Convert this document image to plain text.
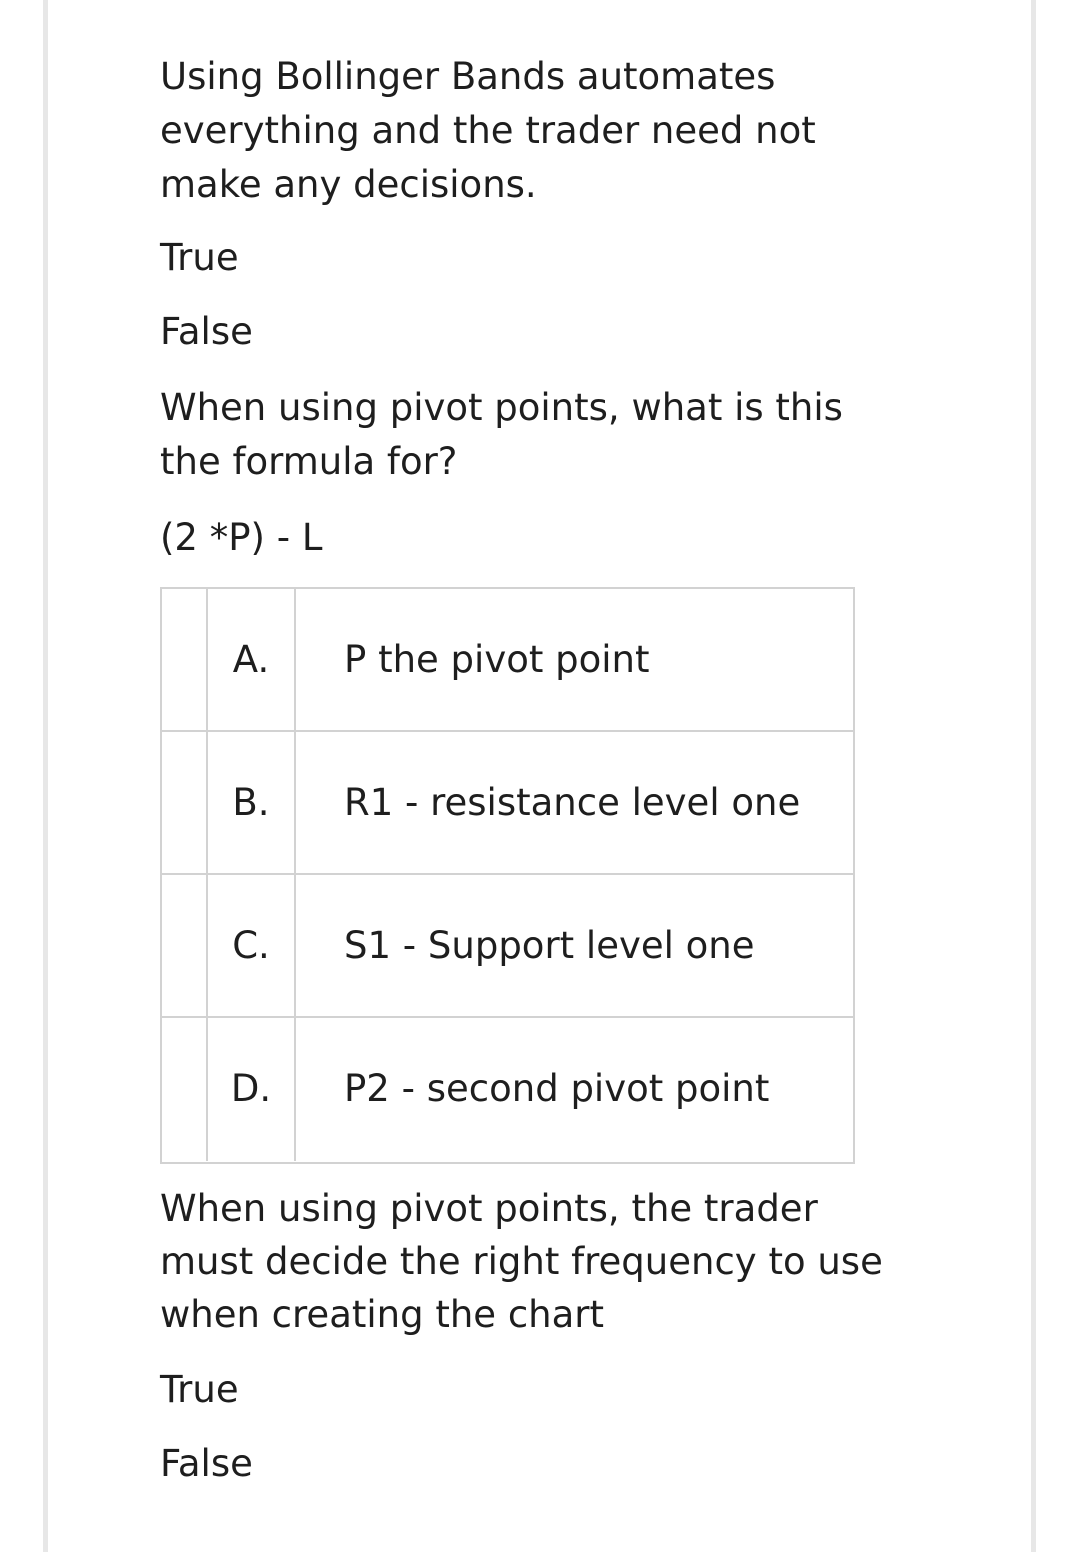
Using Bollinger Bands automates

everything and the trader need not

make any decisions.

True
False

When using pivot points, what is this

the formula for?

(2 *P) - L
A.	P the pivot point
B.	R1 - resistance level one
C.	S1 - Support level one
D.	P2 - second pivot point

When using pivot points, the trader

must decide the right frequency to use

when creating the chart

True
False
